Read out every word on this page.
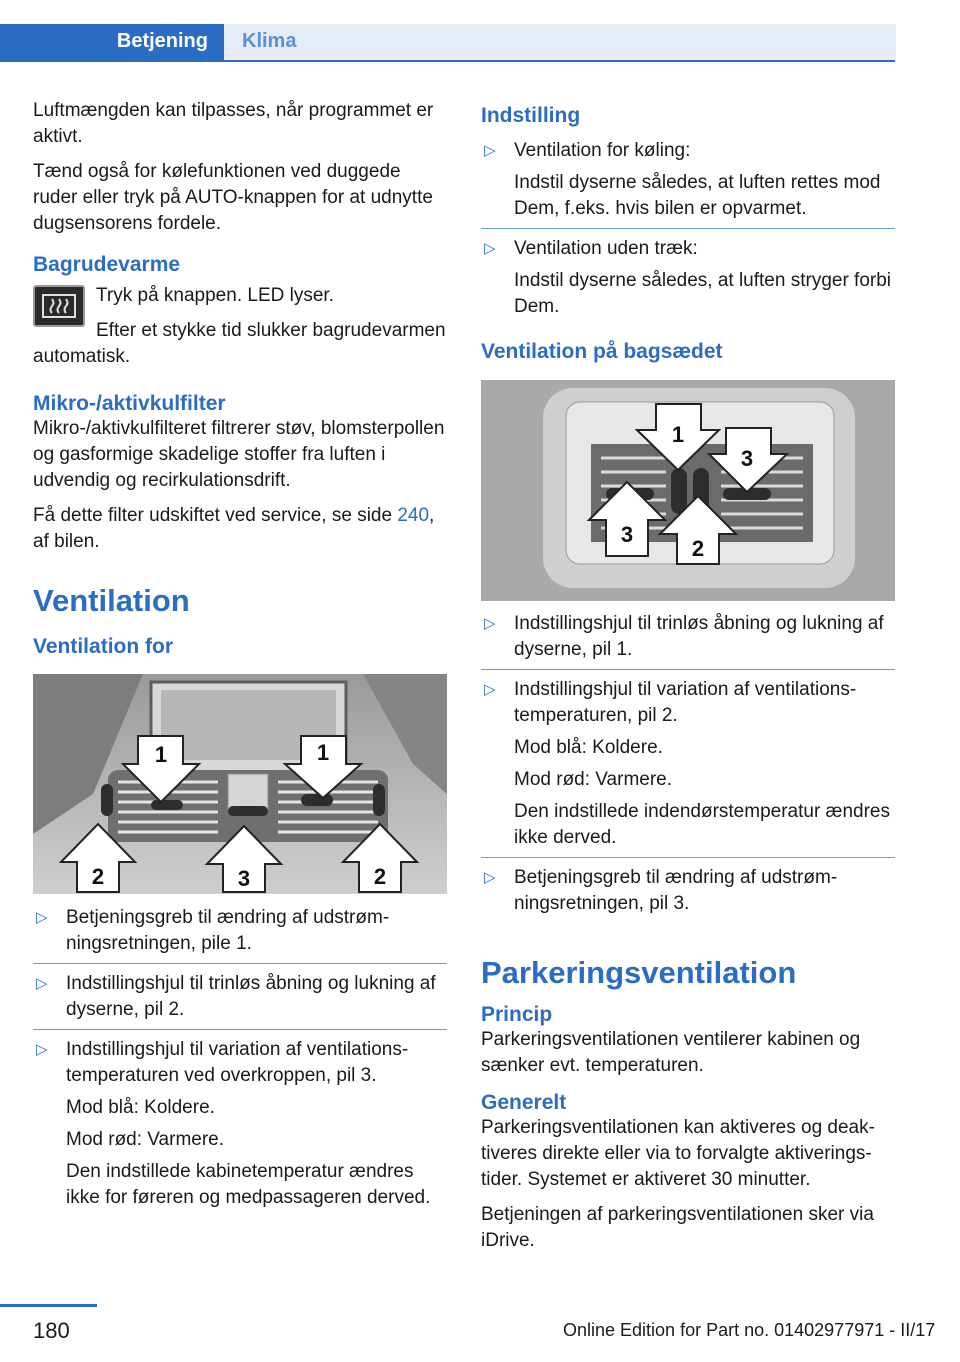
Betjening Klima

Luftmængden kan tilpasses, når programmet er aktivt.

Tænd også for kølefunktionen ved duggede ruder eller tryk på AUTO-knappen for at udnytte dugsensorens fordele.

Bagrudevarme

Tryk på knappen. LED lyser.

Efter et stykke tid slukker bagrudevarmen automatisk.

Mikro-/aktivkulfilter

Mikro-/aktivkulfilteret filtrerer støv, blomsterpollen og gasformige skadelige stoffer fra luften i udvendig og recirkulationsdrift.

Få dette filter udskiftet ved service, se side 240, af bilen.

Ventilation
Ventilation for
1	1
2	3	2
▷ Betjeningsgreb til ændring af udstrømningsretningen, pile 1.

▷ Indstillingshjul til trinløs åbning og lukning af dyserne, pil 2.

▷ Indstillingshjul til variation af ventilationstemperaturen ved overkroppen, pil 3.

Mod blå: Koldere.

Mod rød: Varmere.

Den indstillede kabinetemperatur ændres ikke for føreren og medpassageren derved.

Indstilling
▷ Ventilation for køling:

Indstil dyserne således, at luften rettes mod Dem, f.eks. hvis bilen er opvarmet.

▷ Ventilation uden træk:

Indstil dyserne således, at luften stryger forbi Dem.

Ventilation på bagsædet
1
3
3
2
▷ Indstillingshjul til trinløs åbning og lukning af dyserne, pil 1.

▷ Indstillingshjul til variation af ventilationstemperaturen, pil 2.

Mod blå: Koldere.

Mod rød: Varmere.

Den indstillede indendørstemperatur ændres ikke derved.

▷ Betjeningsgreb til ændring af udstrømningsretningen, pil 3.

Parkeringsventilation
Princip

Parkeringsventilationen ventilerer kabinen og sænker evt. temperaturen.

Generelt

Parkeringsventilationen kan aktiveres og deaktiveres direkte eller via to forvalgte aktiveringstider. Systemet er aktiveret 30 minutter.

Betjeningen af parkeringsventilationen sker via iDrive.

180	Online Edition for Part no. 01402977971 - II/17
